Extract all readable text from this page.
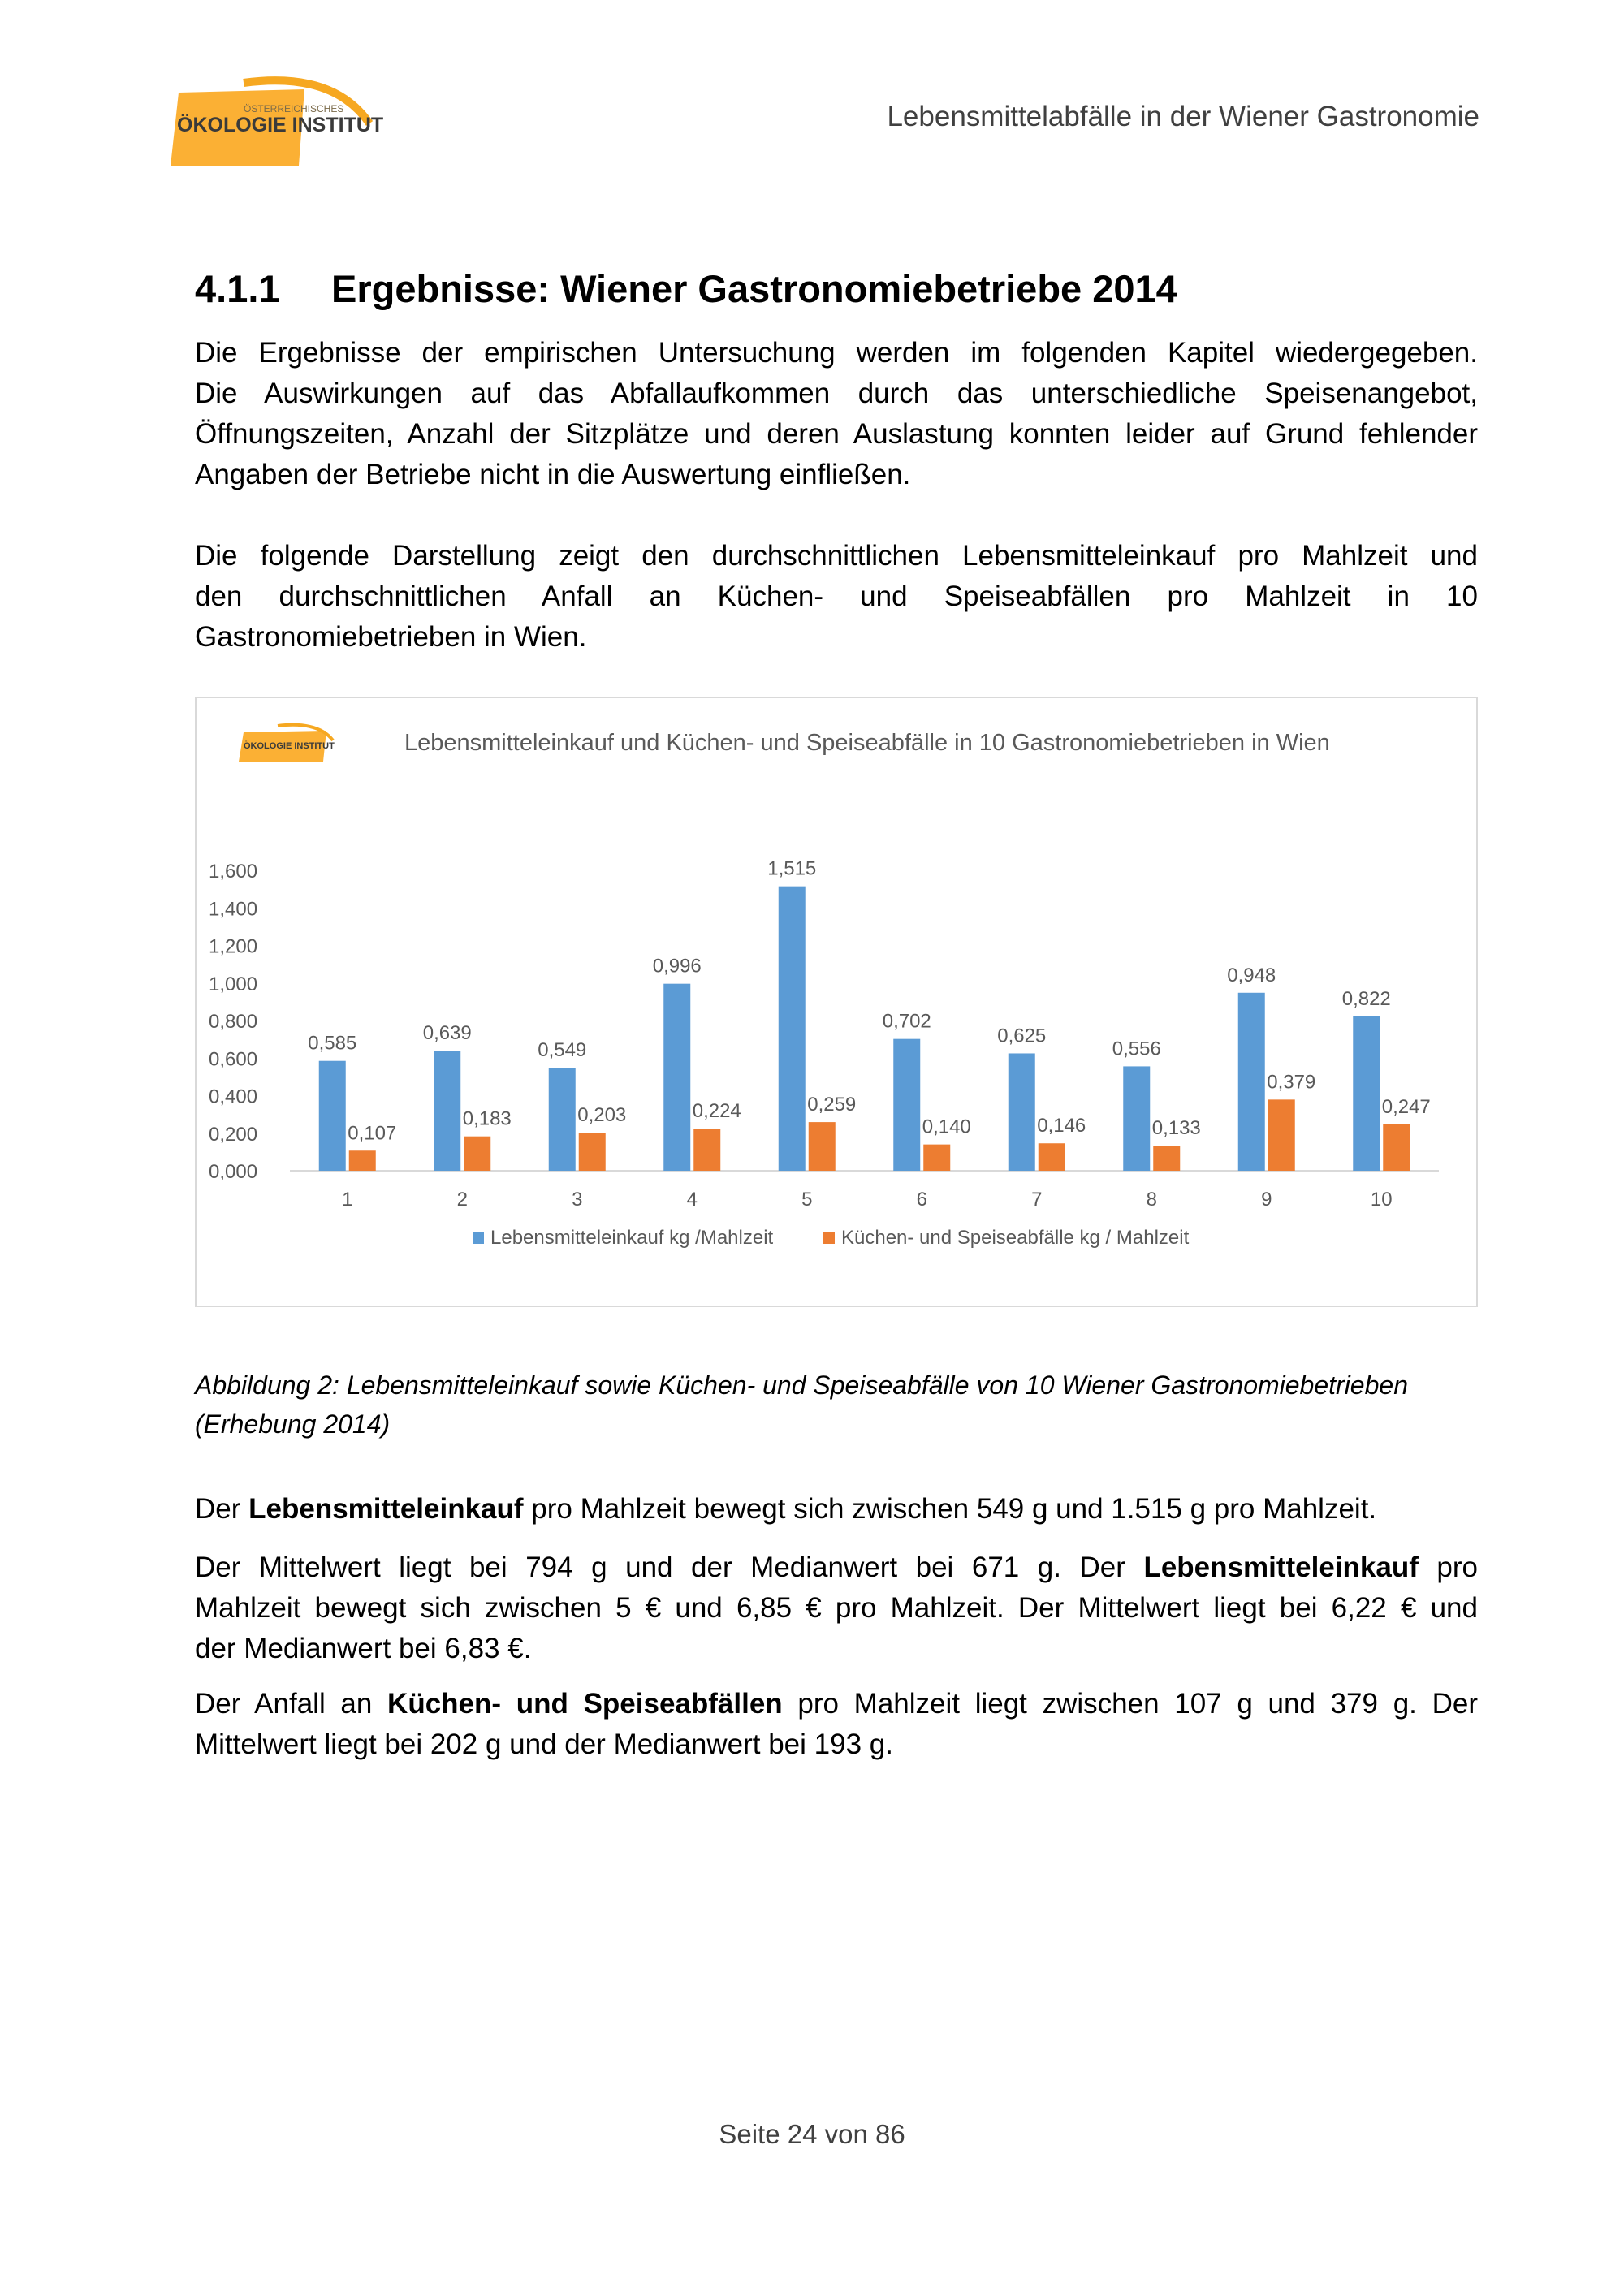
ÖSTERREICHISCHES
ÖKOLOGIE INSTITUT	Lebensmittelabfälle in der Wiener Gastronomie
4.1.1 Ergebnisse: Wiener Gastronomiebetriebe 2014
Die Ergebnisse der empirischen Untersuchung werden im folgenden Kapitel wiedergegeben.
Die Auswirkungen auf das Abfallaufkommen durch das unterschiedliche Speisenangebot,
Öffnungszeiten, Anzahl der Sitzplätze und deren Auslastung konnten leider auf Grund fehlender
Angaben der Betriebe nicht in die Auswertung einfließen.
Die folgende Darstellung zeigt den durchschnittlichen Lebensmitteleinkauf pro Mahlzeit und
den durchschnittlichen Anfall an Küchen- und Speiseabfällen pro Mahlzeit in 10
Gastronomiebetrieben in Wien.
ÖKOLOGIE INSTITUT	Lebensmitteleinkauf und Küchen- und Speiseabfälle in 10 Gastronomiebetrieben in Wien
0,000
0,200
0,400
0,600
0,800
1,000
1,200
1,400
1,600
0,585
0,107
0,639
0,183
0,549
0,203
0,996
0,224
1,515
0,259
0,702
0,140
0,625
0,146
0,556
0,133
0,948
0,379
0,822
0,247
1	2	3	4	5	6	7	8	9	10
Lebensmitteleinkauf kg /Mahlzeit	Küchen- und Speiseabfälle kg / Mahlzeit
Abbildung 2: Lebensmitteleinkauf sowie Küchen- und Speiseabfälle von 10 Wiener Gastronomiebetrieben
(Erhebung 2014)
Der Lebensmitteleinkauf pro Mahlzeit bewegt sich zwischen 549 g und 1.515 g pro Mahlzeit.
Der Mittelwert liegt bei 794 g und der Medianwert bei 671 g. Der Lebensmitteleinkauf pro
Mahlzeit bewegt sich zwischen 5 € und 6,85 € pro Mahlzeit. Der Mittelwert liegt bei 6,22 € und
der Medianwert bei 6,83 €.
Der Anfall an Küchen- und Speiseabfällen pro Mahlzeit liegt zwischen 107 g und 379 g. Der
Mittelwert liegt bei 202 g und der Medianwert bei 193 g.
Seite 24 von 86
